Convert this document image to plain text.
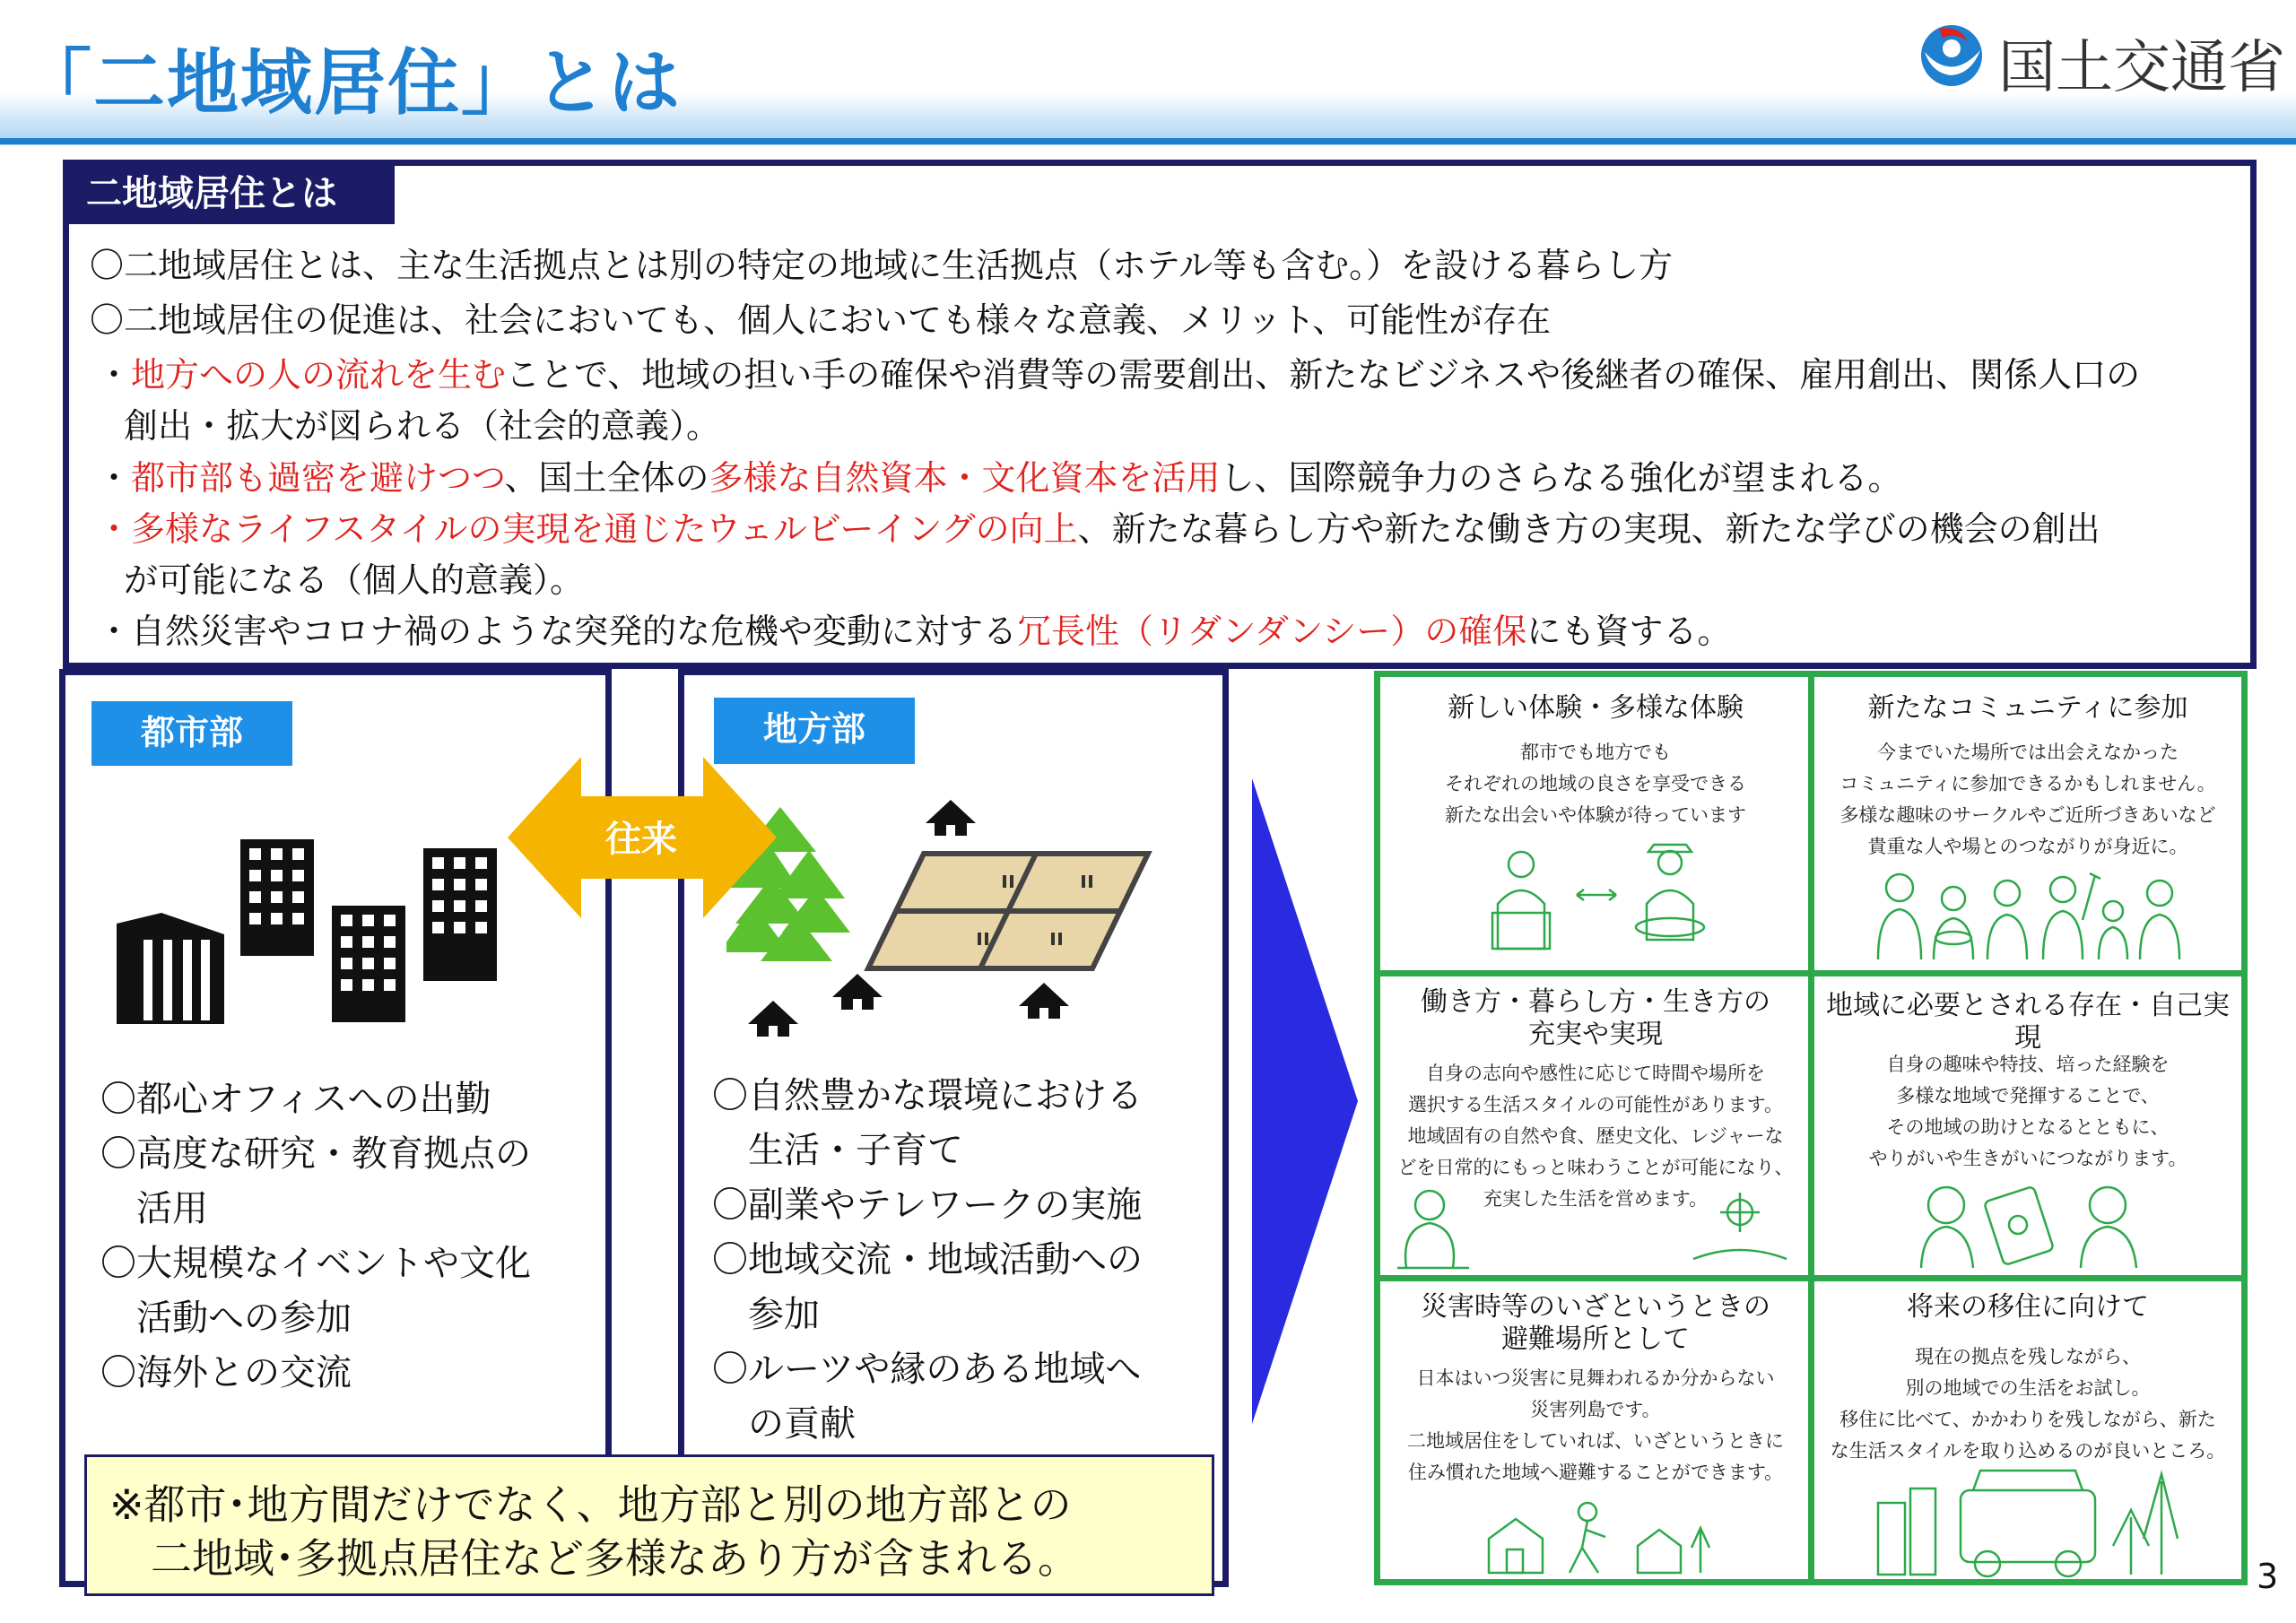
「二地域居住」とは	国土交通省
二地域居住とは
〇二地域居住とは、主な生活拠点とは別の特定の地域に生活拠点（ホテル等も含む。）を設ける暮らし方
〇二地域居住の促進は、社会においても、個人においても様々な意義、メリット、可能性が存在
・地方への人の流れを生むことで、地域の担い手の確保や消費等の需要創出、新たなビジネスや後継者の確保、雇用創出、関係人口の
創出・拡大が図られる（社会的意義）。
・都市部も過密を避けつつ、国土全体の多様な自然資本・文化資本を活用し、国際競争力のさらなる強化が望まれる。
・多様なライフスタイルの実現を通じたウェルビーイングの向上、新たな暮らし方や新たな働き方の実現、新たな学びの機会の創出
が可能になる（個人的意義）。
・自然災害やコロナ禍のような突発的な危機や変動に対する冗長性（リダンダンシー）の確保にも資する。
都市部
〇都心オフィスへの出勤
〇高度な研究・教育拠点の
　活用
〇大規模なイベントや文化
　活動への参加
〇海外との交流
地方部
〇自然豊かな環境における
　生活・子育て
〇副業やテレワークの実施
〇地域交流・地域活動への
　参加
〇ルーツや縁のある地域へ
　の貢献
往来
※都市･地方間だけでなく、地方部と別の地方部との
　二地域･多拠点居住など多様なあり方が含まれる。
新しい体験・多様な体験
都市でも地方でも
それぞれの地域の良さを享受できる
新たな出会いや体験が待っています
新たなコミュニティに参加
今までいた場所では出会えなかった
コミュニティに参加できるかもしれません。
多様な趣味のサークルやご近所づきあいなど
貴重な人や場とのつながりが身近に。
働き方・暮らし方・生き方の
充実や実現
自身の志向や感性に応じて時間や場所を
選択する生活スタイルの可能性があります。
地域固有の自然や食、歴史文化、レジャーな
どを日常的にもっと味わうことが可能になり、
充実した生活を営めます。
地域に必要とされる存在・自己実現
自身の趣味や特技、培った経験を
多様な地域で発揮することで、
その地域の助けとなるとともに、
やりがいや生きがいにつながります。
災害時等のいざというときの
避難場所として
日本はいつ災害に見舞われるか分からない
災害列島です。
二地域居住をしていれば、いざというときに
住み慣れた地域へ避難することができます。
将来の移住に向けて
現在の拠点を残しながら、
別の地域での生活をお試し。
移住に比べて、かかわりを残しながら、新た
な生活スタイルを取り込めるのが良いところ。
3
